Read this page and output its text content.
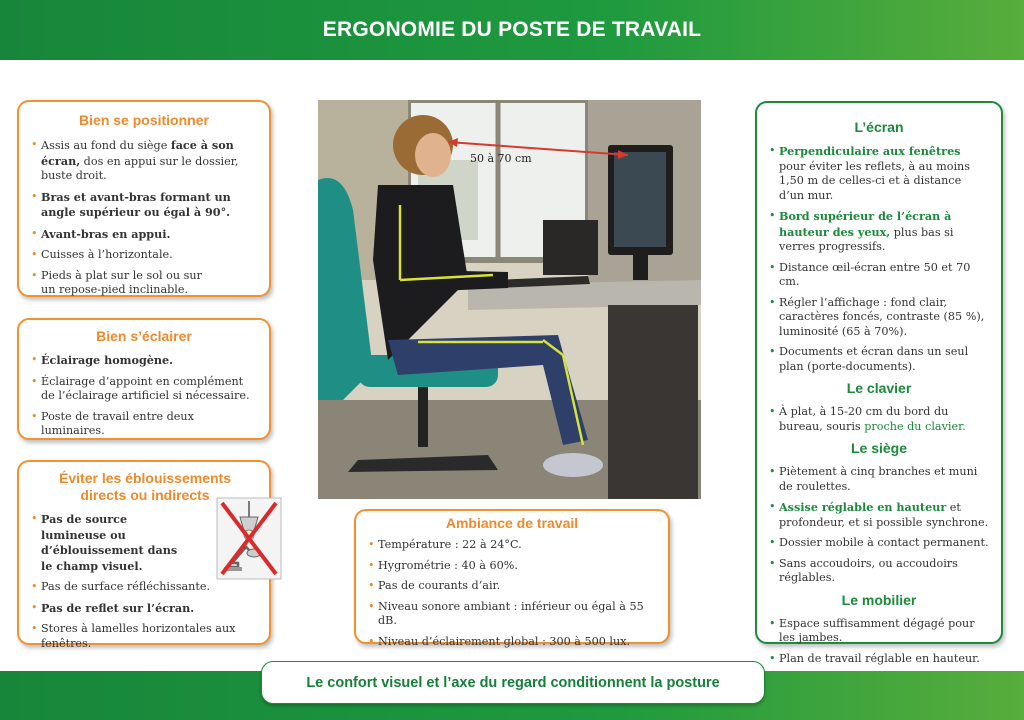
ERGONOMIE DU POSTE DE TRAVAIL
Bien se positionner
• Assis au fond du siège face à son écran, dos en appui sur le dossier, buste droit.
• Bras et avant-bras formant un angle supérieur ou égal à 90°.
• Avant-bras en appui.
• Cuisses à l’horizontale.
• Pieds à plat sur le sol ou sur un repose-pied inclinable.
Bien s’éclairer
• Éclairage homogène.
• Éclairage d’appoint en complément de l’éclairage artificiel si nécessaire.
• Poste de travail entre deux luminaires.
Éviter les éblouissements
directs ou indirects
• Pas de source lumineuse ou d’éblouissement dans le champ visuel.
• Pas de surface réfléchissante.
• Pas de reflet sur l’écran.
• Stores à lamelles horizontales aux fenêtres.
50 à 70 cm
Ambiance de travail
• Température : 22 à 24°C.
• Hygrométrie : 40 à 60%.
• Pas de courants d’air.
• Niveau sonore ambiant : inférieur ou égal à 55 dB.
• Niveau d’éclairement global : 300 à 500 lux.
L’écran
• Perpendiculaire aux fenêtres pour éviter les reflets, à au moins 1,50 m de celles-ci et à distance d’un mur.
• Bord supérieur de l’écran à hauteur des yeux, plus bas si verres progressifs.
• Distance œil-écran entre 50 et 70 cm.
• Régler l’affichage : fond clair, caractères foncés, contraste (85 %), luminosité (65 à 70%).
• Documents et écran dans un seul plan (porte-documents).
Le clavier
• À plat, à 15-20 cm du bord du bureau, souris proche du clavier.
Le siège
• Piètement à cinq branches et muni de roulettes.
• Assise réglable en hauteur et profondeur, et si possible synchrone.
• Dossier mobile à contact permanent.
• Sans accoudoirs, ou accoudoirs réglables.
Le mobilier
• Espace suffisamment dégagé pour les jambes.
• Plan de travail réglable en hauteur.
Le confort visuel et l’axe du regard conditionnent la posture
